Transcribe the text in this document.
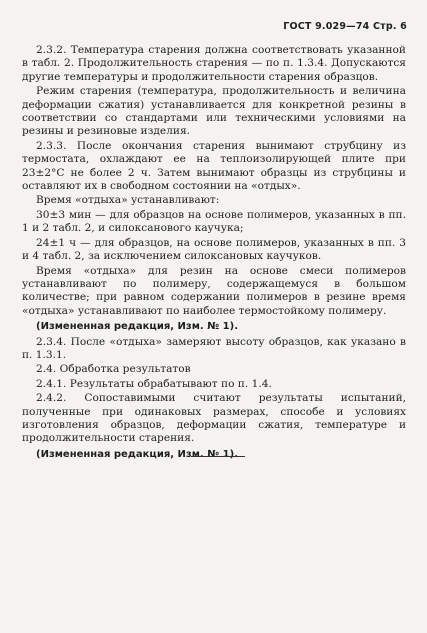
ГОСТ 9.029—74 Стр. 6

2.3.2. Температура старения должна соответствовать указанной в табл. 2. Продолжительность старения — по п. 1.3.4. Допускаются другие температуры и продолжительности старения образцов.

Режим старения (температура, продолжительность и величина деформации сжатия) устанавливается для конкретной резины в соответствии со стандартами или техническими условиями на резины и резиновые изделия.

2.3.3. После окончания старения вынимают струбцину из термостата, охлаждают ее на теплоизолирующей плите при 23±2°C не более 2 ч. Затем вынимают образцы из струбцины и оставляют их в свободном состоянии на «отдых».

Время «отдыха» устанавливают:

30±3 мин — для образцов на основе полимеров, указанных в пп. 1 и 2 табл. 2, и силоксанового каучука;

24±1 ч — для образцов, на основе полимеров, указанных в пп. 3 и 4 табл. 2, за исключением силоксановых каучуков.

Время «отдыха» для резин на основе смеси полимеров устанавливают по полимеру, содержащемуся в большом количестве; при равном содержании полимеров в резине время «отдыха» устанавливают по наиболее термостойкому полимеру.

(Измененная редакция, Изм. № 1).

2.3.4. После «отдыха» замеряют высоту образцов, как указано в п. 1.3.1.

2.4. Обработка результатов

2.4.1. Результаты обрабатывают по п. 1.4.

2.4.2. Сопоставимыми считают результаты испытаний, полученные при одинаковых размерах, способе и условиях изготовления образцов, деформации сжатия, температуре и продолжительности старения.

(Измененная редакция, Изм. № 1).
